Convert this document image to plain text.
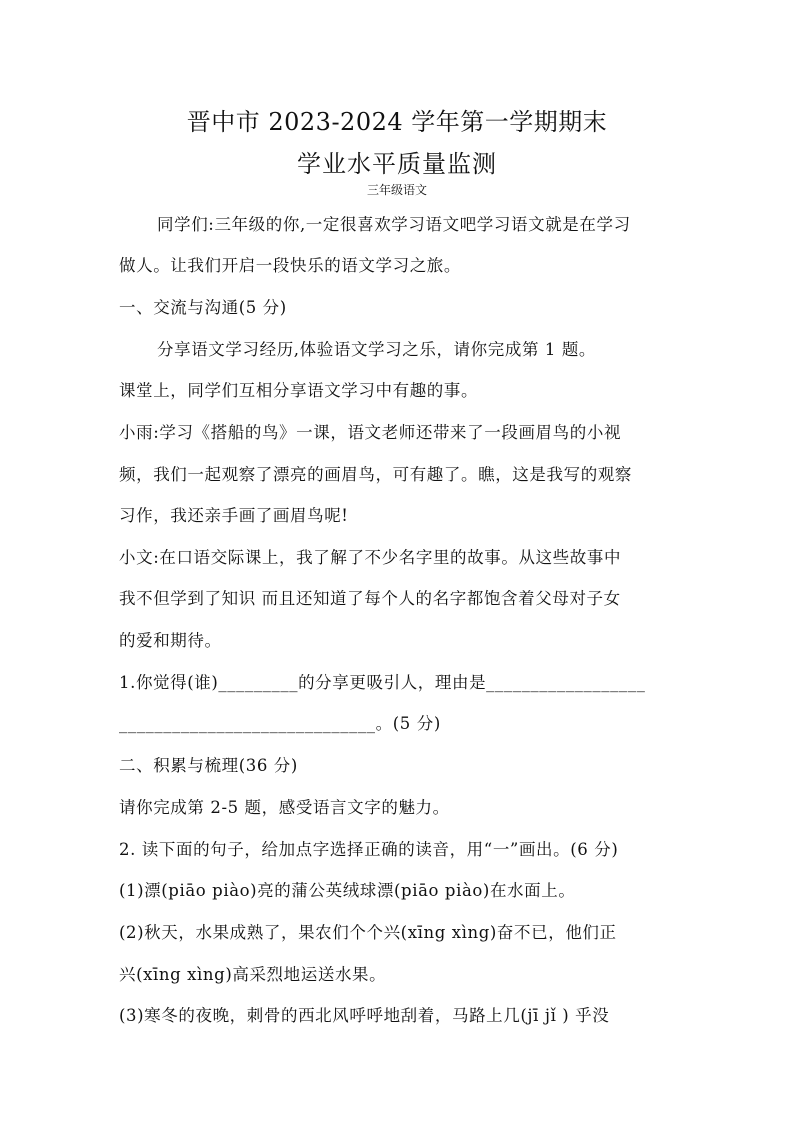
晋中市 2023-2024 学年第一学期期末
学业水平质量监测
三年级语文
同学们:三年级的你,一定很喜欢学习语文吧学习语文就是在学习
做人。让我们开启一段快乐的语文学习之旅。
一、交流与沟通(5 分)
分享语文学习经历,体验语文学习之乐，请你完成第 1 题。
课堂上，同学们互相分享语文学习中有趣的事。
小雨:学习《搭船的鸟》一课，语文老师还带来了一段画眉鸟的小视
频，我们一起观察了漂亮的画眉鸟，可有趣了。瞧，这是我写的观察
习作，我还亲手画了画眉鸟呢!
小文:在口语交际课上，我了解了不少名字里的故事。从这些故事中
我不但学到了知识 而且还知道了每个人的名字都饱含着父母对子女
的爱和期待。
1.你觉得(谁)_________的分享更吸引人，理由是__________________
_____________________________。(5 分)
二、积累与梳理(36 分)
请你完成第 2-5 题，感受语言文字的魅力。
2. 读下面的句子，给加点字选择正确的读音，用“一”画出。(6 分)
(1)漂(piāo piào)亮的蒲公英绒球漂(piāo piào)在水面上。
(2)秋天，水果成熟了，果农们个个兴(xīng xìng)奋不已，他们正
兴(xīng xìng)高采烈地运送水果。
(3)寒冬的夜晚，刺骨的西北风呼呼地刮着，马路上几(jī jǐ ) 乎没
